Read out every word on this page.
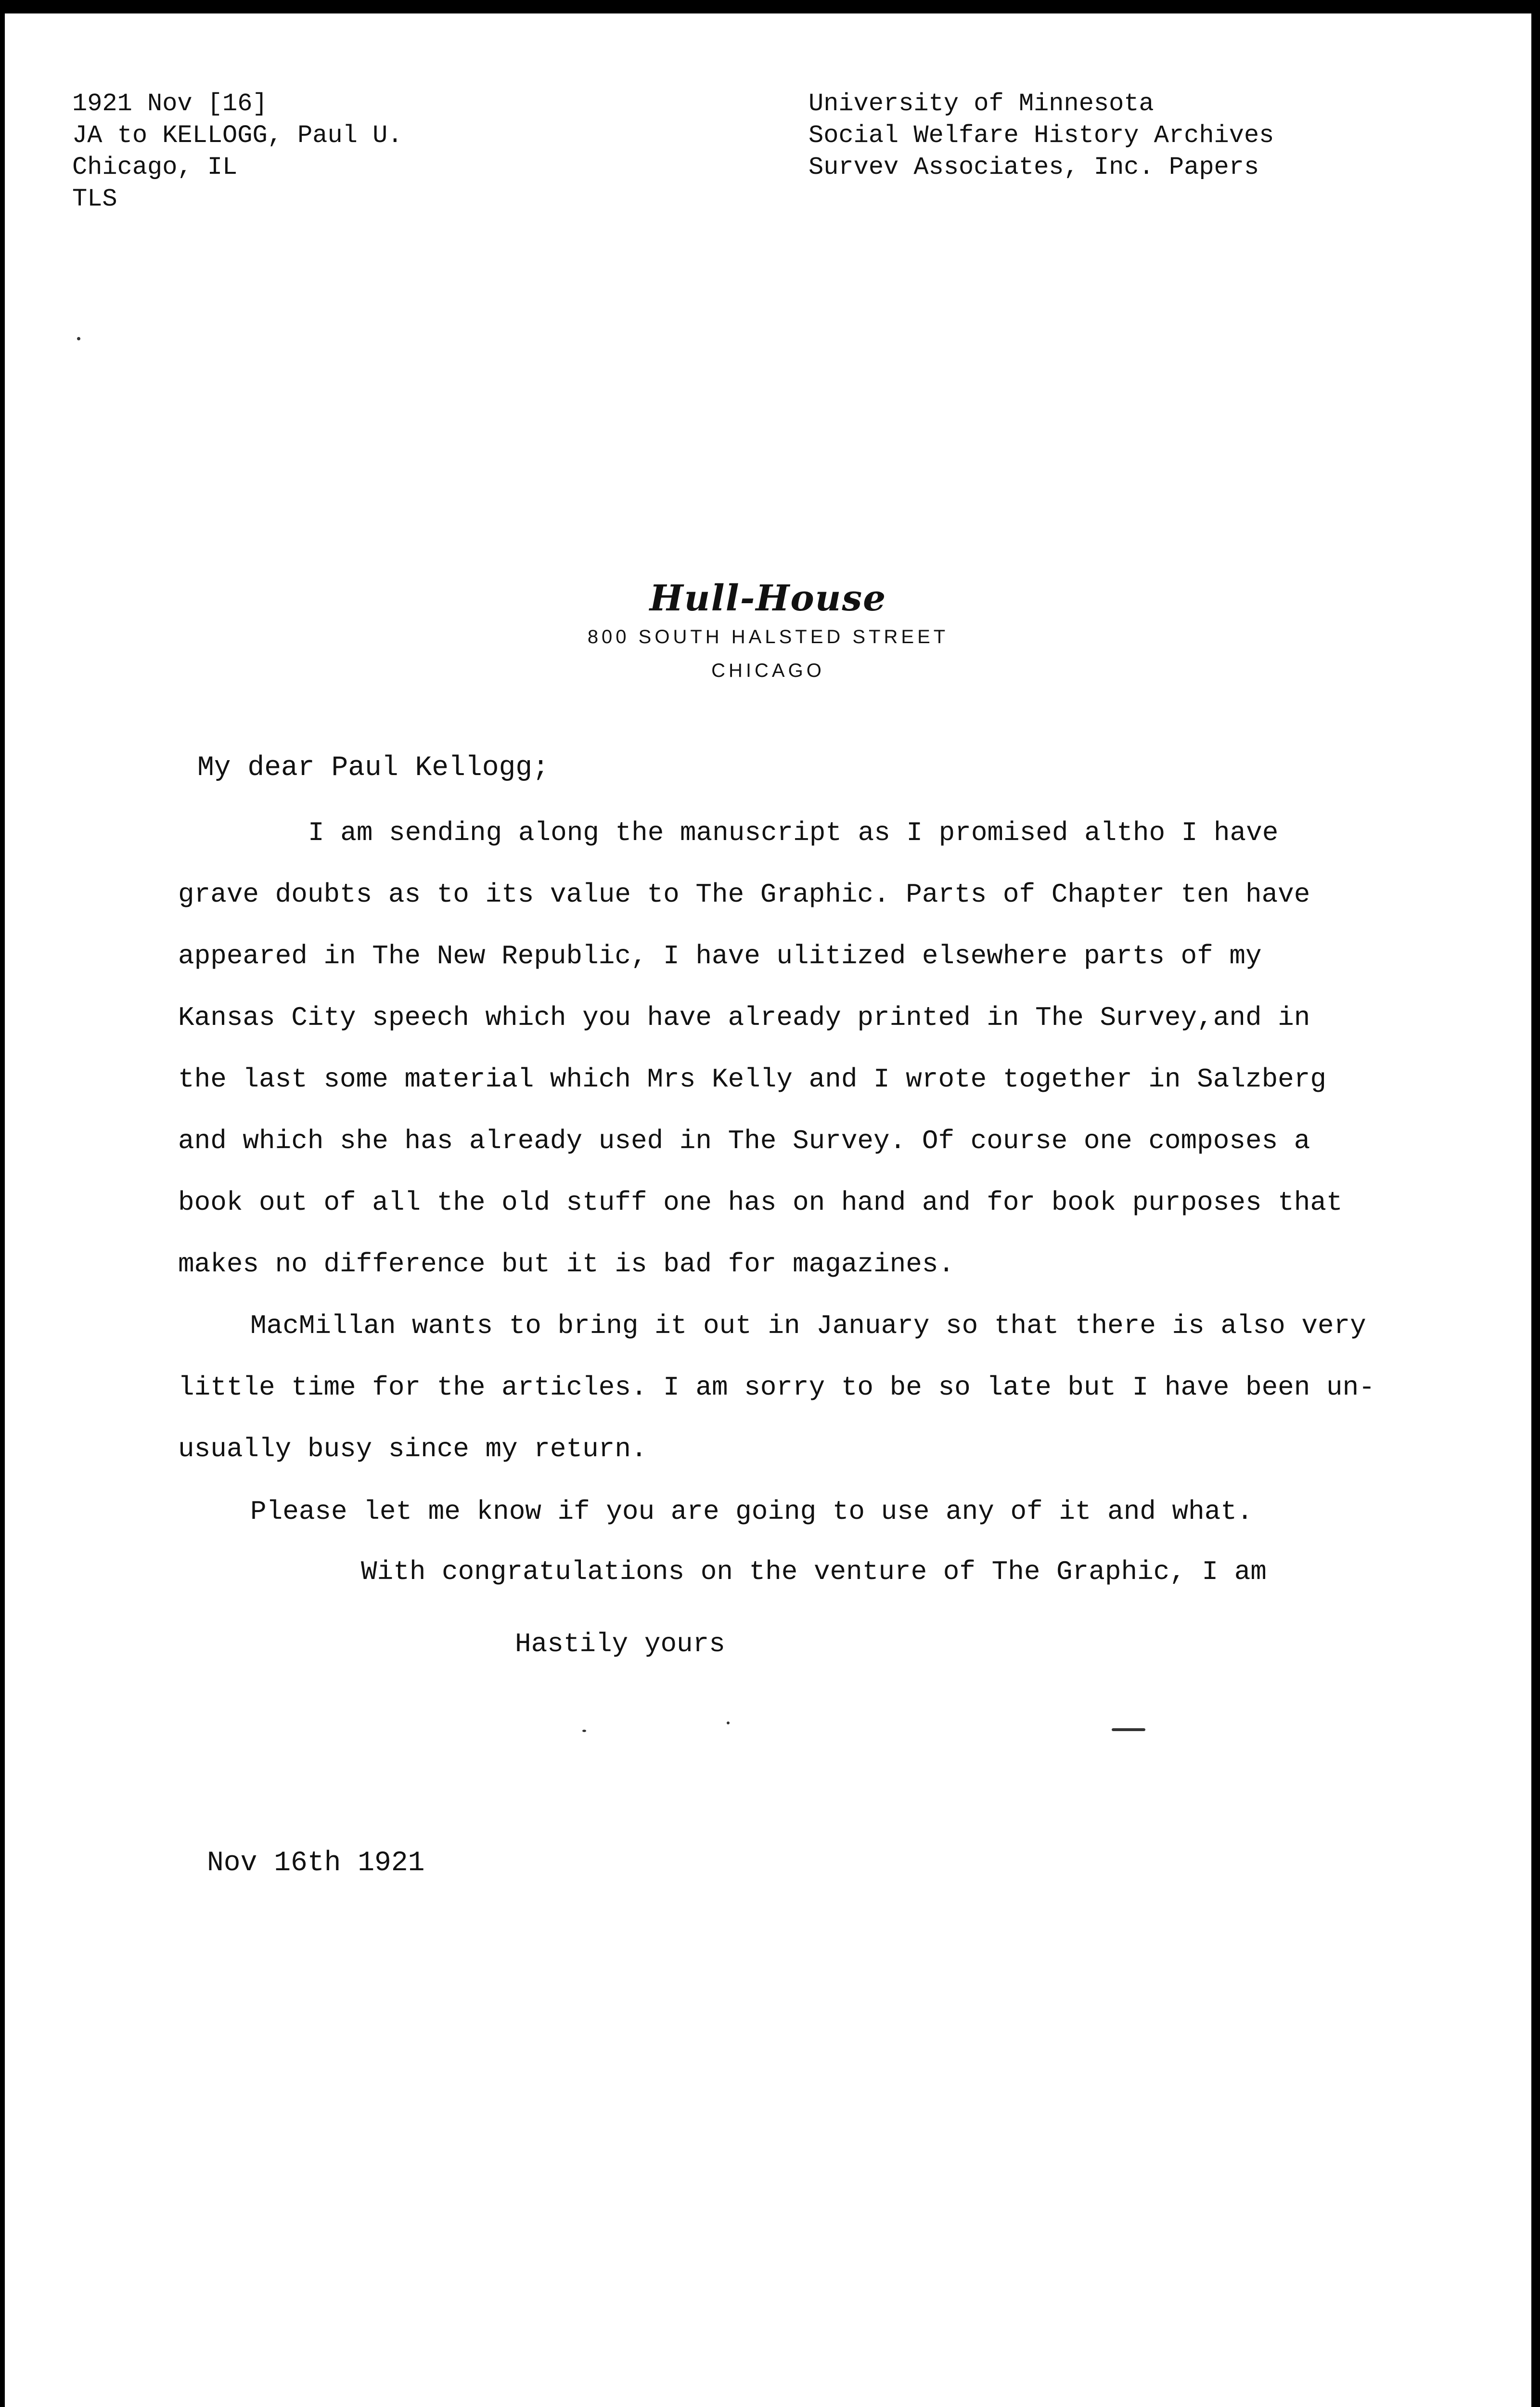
1921 Nov [16]
JA to KELLOGG, Paul U.
Chicago, IL
TLS
University of Minnesota
Social Welfare History Archives
Survev Associates, Inc. Papers
Hull-House
800 SOUTH HALSTED STREET
CHICAGO
My dear Paul Kellogg;
I am sending along the manuscript as I promised altho I have
grave doubts as to its value to The Graphic. Parts of Chapter ten have
appeared in The New Republic, I have ulitized elsewhere parts of my
Kansas City speech which you have already printed in The Survey,and in
the last some material which Mrs Kelly and I wrote together in Salzberg
and which she has already used in The Survey. Of course one composes a
book out of all the old stuff one has on hand and for book purposes that
makes no difference but it is bad for magazines.
MacMillan wants to bring it out in January so that there is also very
little time for the articles. I am sorry to be so late but I have been un-
usually busy since my return.
Please let me know if you are going to use any of it and what.
With congratulations on the venture of The Graphic, I am
Hastily yours
Nov 16th 1921
